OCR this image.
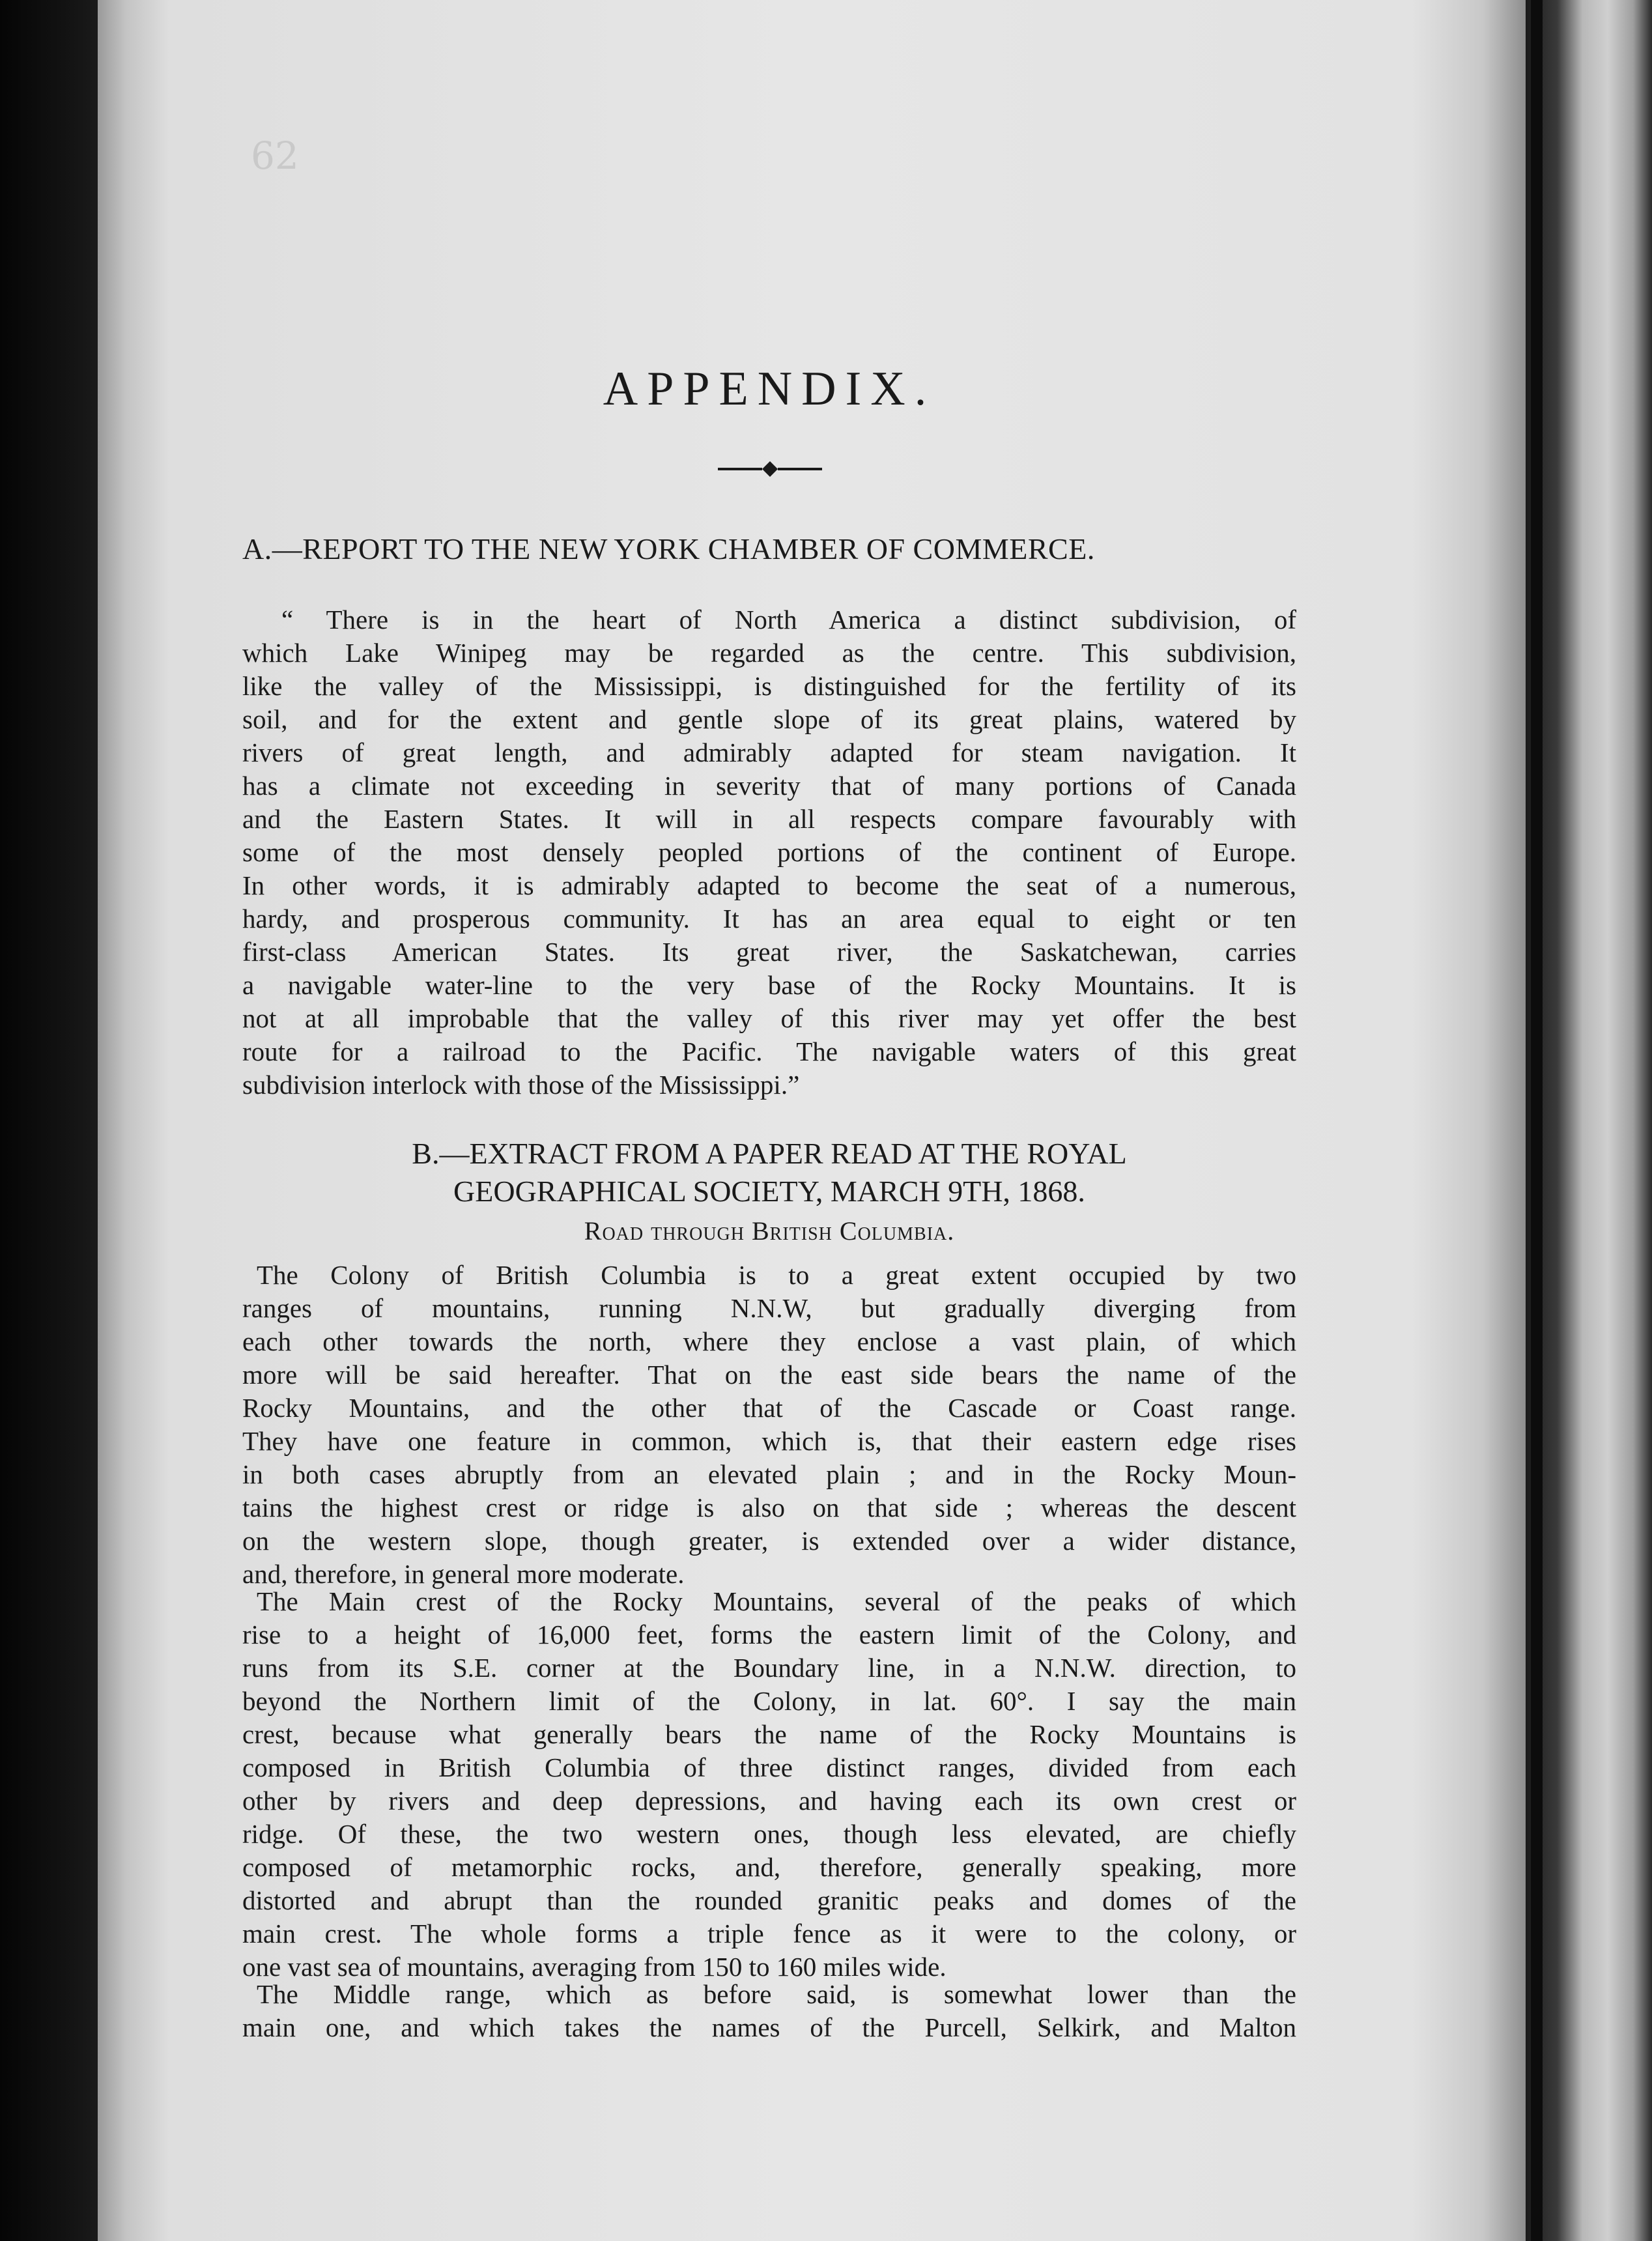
62
APPENDIX.
A.—REPORT TO THE NEW YORK CHAMBER OF COMMERCE.
“ There is in the heart of North America a distinct subdivision, of
which Lake Winipeg may be regarded as the centre. This subdivision,
like the valley of the Mississippi, is distinguished for the fertility of its
soil, and for the extent and gentle slope of its great plains, watered by
rivers of great length, and admirably adapted for steam navigation. It
has a climate not exceeding in severity that of many portions of Canada
and the Eastern States. It will in all respects compare favourably with
some of the most densely peopled portions of the continent of Europe.
In other words, it is admirably adapted to become the seat of a numerous,
hardy, and prosperous community. It has an area equal to eight or ten
first-class American States. Its great river, the Saskatchewan, carries
a navigable water-line to the very base of the Rocky Mountains. It is
not at all improbable that the valley of this river may yet offer the best
route for a railroad to the Pacific. The navigable waters of this great
subdivision interlock with those of the Mississippi.”
B.—EXTRACT FROM A PAPER READ AT THE ROYAL
GEOGRAPHICAL SOCIETY, MARCH 9TH, 1868.
Road through British Columbia.
The Colony of British Columbia is to a great extent occupied by two
ranges of mountains, running N.N.W, but gradually diverging from
each other towards the north, where they enclose a vast plain, of which
more will be said hereafter. That on the east side bears the name of the
Rocky Mountains, and the other that of the Cascade or Coast range.
They have one feature in common, which is, that their eastern edge rises
in both cases abruptly from an elevated plain ; and in the Rocky Moun-
tains the highest crest or ridge is also on that side ; whereas the descent
on the western slope, though greater, is extended over a wider distance,
and, therefore, in general more moderate.
The Main crest of the Rocky Mountains, several of the peaks of which
rise to a height of 16,000 feet, forms the eastern limit of the Colony, and
runs from its S.E. corner at the Boundary line, in a N.N.W. direction, to
beyond the Northern limit of the Colony, in lat. 60°. I say the main
crest, because what generally bears the name of the Rocky Mountains is
composed in British Columbia of three distinct ranges, divided from each
other by rivers and deep depressions, and having each its own crest or
ridge. Of these, the two western ones, though less elevated, are chiefly
composed of metamorphic rocks, and, therefore, generally speaking, more
distorted and abrupt than the rounded granitic peaks and domes of the
main crest. The whole forms a triple fence as it were to the colony, or
one vast sea of mountains, averaging from 150 to 160 miles wide.
The Middle range, which as before said, is somewhat lower than the
main one, and which takes the names of the Purcell, Selkirk, and Malton
